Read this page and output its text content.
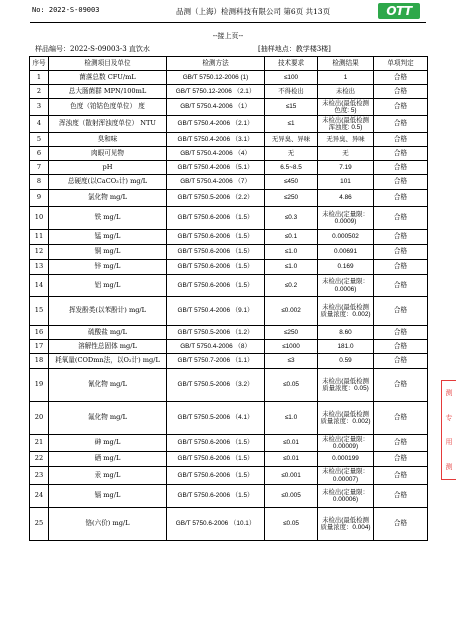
No: 2022-S-09003	品测（上海）检测科技有限公司 第6页 共13页	OTT
--接上页--
样品编号：2022-S-09003-3 直饮水	[抽样地点：教学楼3楼]
序号	检测项目及单位	检测方法	技术要求	检测结果	单项判定
1	菌落总数 CFU/mL	GB/T 5750.12-2006 (1)	≤100	1	合格
2	总大肠菌群 MPN/100mL	GB/T 5750.12-2006 （2.1）	不得检出	未检出	合格
3	色度（铂钴色度单位） 度	GB/T 5750.4-2006 （1）	≤15	未检出(最低检测色度: 5)	合格
4	浑浊度（散射浑浊度单位） NTU	GB/T 5750.4-2006 （2.1）	≤1	未检出(最低检测浑浊度: 0.5)	合格
5	臭和味	GB/T 5750.4-2006 （3.1）	无异臭、异味	无异臭、异味	合格
6	肉眼可见物	GB/T 5750.4-2006 （4）	无	无	合格
7	pH	GB/T 5750.4-2006 （5.1）	6.5~8.5	7.19	合格
8	总硬度(以CaCO₃计) mg/L	GB/T 5750.4-2006 （7）	≤450	101	合格
9	氯化物 mg/L	GB/T 5750.5-2006 （2.2）	≤250	4.86	合格
10	铁 mg/L	GB/T 5750.6-2006 （1.5）	≤0.3	未检出(定量限：0.0009)	合格
11	锰 mg/L	GB/T 5750.6-2006 （1.5）	≤0.1	0.000502	合格
12	铜 mg/L	GB/T 5750.6-2006 （1.5）	≤1.0	0.00691	合格
13	锌 mg/L	GB/T 5750.6-2006 （1.5）	≤1.0	0.169	合格
14	铝 mg/L	GB/T 5750.6-2006 （1.5）	≤0.2	未检出(定量限：0.0006)	合格
15	挥发酚类(以苯酚计) mg/L	GB/T 5750.4-2006 （9.1）	≤0.002	未检出(最低检测质量浓度：0.002)	合格
16	硫酸盐 mg/L	GB/T 5750.5-2006 （1.2）	≤250	8.60	合格
17	溶解性总固体 mg/L	GB/T 5750.4-2006 （8）	≤1000	181.0	合格
18	耗氧量(CODmn法，以O₂计) mg/L	GB/T 5750.7-2006 （1.1）	≤3	0.59	合格
19	氰化物 mg/L	GB/T 5750.5-2006 （3.2）	≤0.05	未检出(最低检测质量浓度：0.05)	合格
20	氟化物 mg/L	GB/T 5750.5-2006 （4.1）	≤1.0	未检出(最低检测质量浓度：0.002)	合格
21	砷 mg/L	GB/T 5750.6-2006 （1.5）	≤0.01	未检出(定量限：0.00009)	合格
22	硒 mg/L	GB/T 5750.6-2006 （1.5）	≤0.01	0.000199	合格
23	汞 mg/L	GB/T 5750.6-2006 （1.5）	≤0.001	未检出(定量限：0.00007)	合格
24	镉 mg/L	GB/T 5750.6-2006 （1.5）	≤0.005	未检出(定量限：0.00006)	合格
25	铬(六价) mg/L	GB/T 5750.6-2006 （10.1）	≤0.05	未检出(最低检测质量浓度：0.004)	合格
测
专
用
测
